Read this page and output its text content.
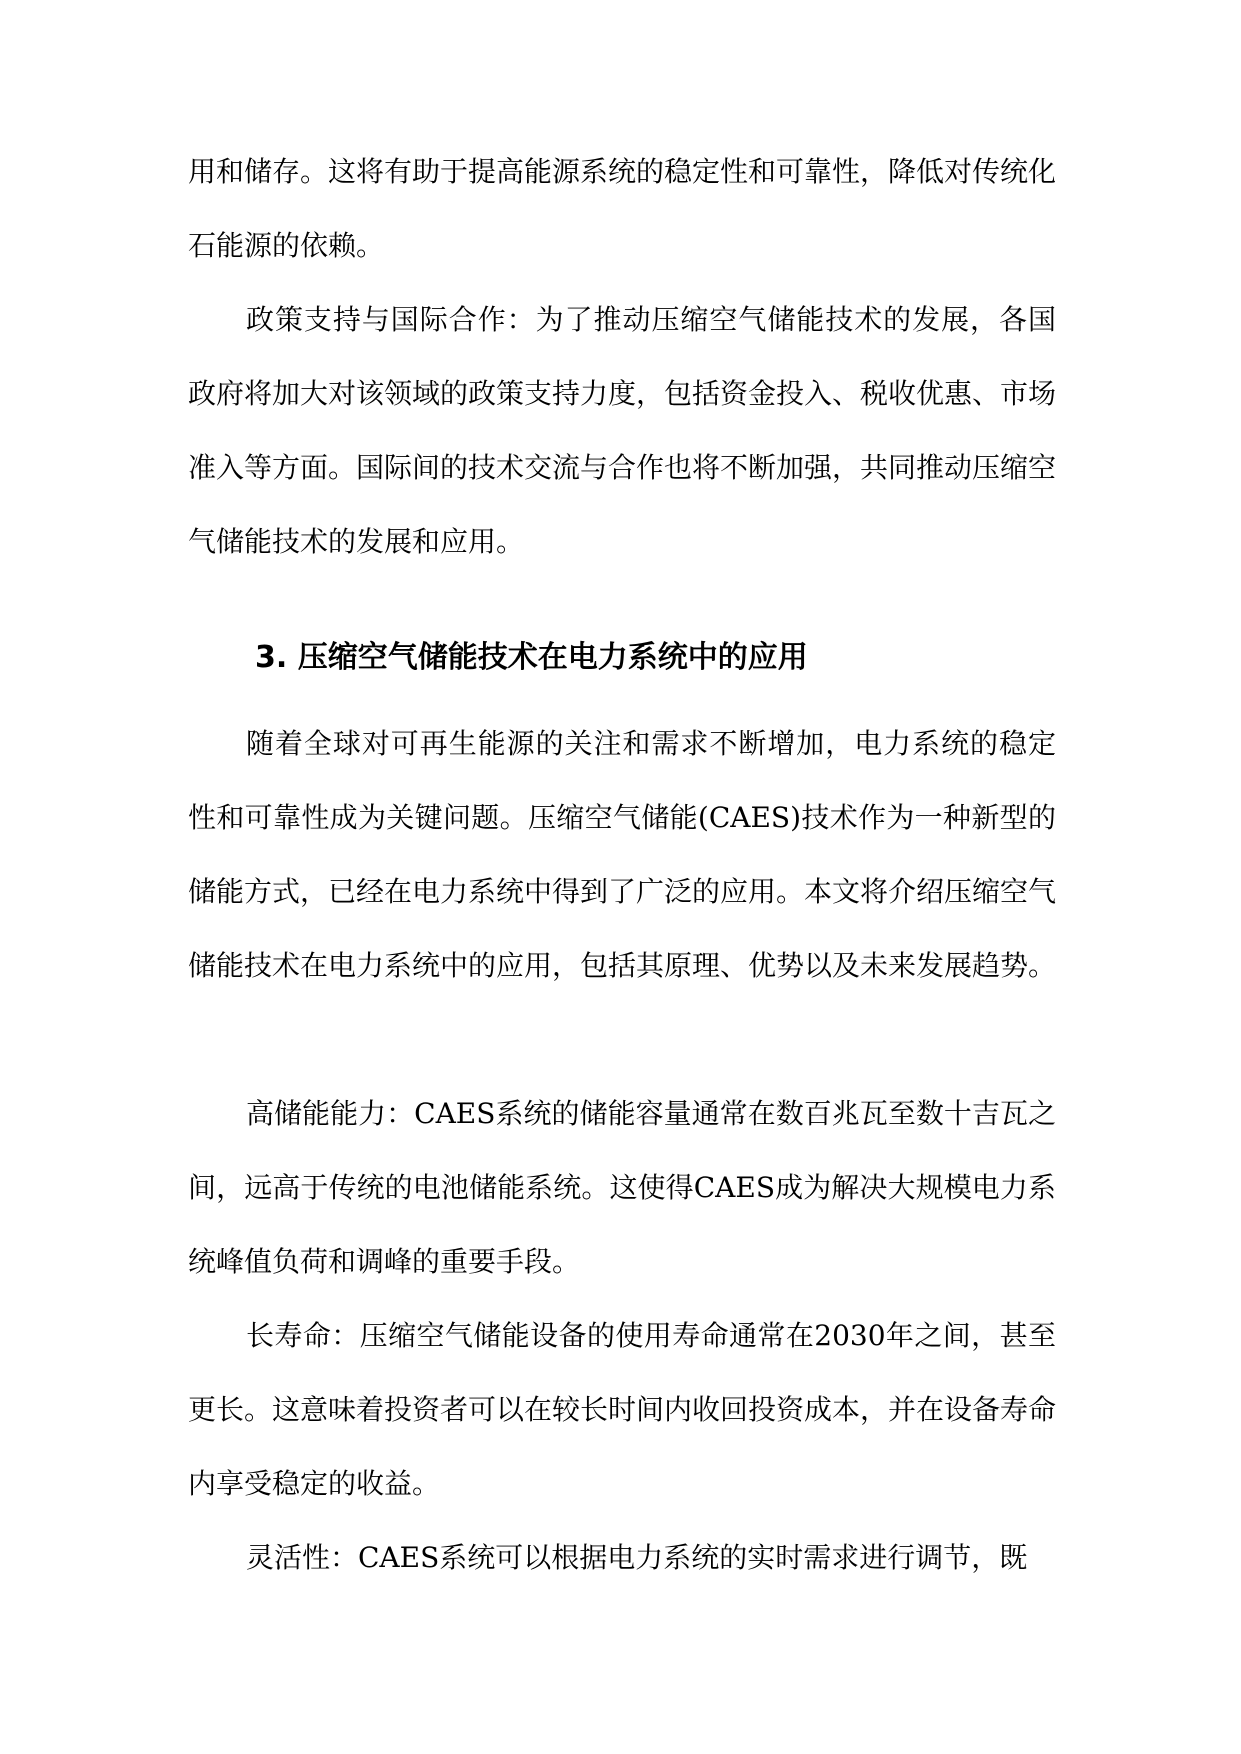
用和储存。这将有助于提高能源系统的稳定性和可靠性，降低对传统化石能源的依赖。

政策支持与国际合作：为了推动压缩空气储能技术的发展，各国政府将加大对该领域的政策支持力度，包括资金投入、税收优惠、市场准入等方面。国际间的技术交流与合作也将不断加强，共同推动压缩空气储能技术的发展和应用。

3. 压缩空气储能技术在电力系统中的应用

随着全球对可再生能源的关注和需求不断增加，电力系统的稳定性和可靠性成为关键问题。压缩空气储能(CAES)技术作为一种新型的储能方式，已经在电力系统中得到了广泛的应用。本文将介绍压缩空气储能技术在电力系统中的应用，包括其原理、优势以及未来发展趋势。

高储能能力：CAES系统的储能容量通常在数百兆瓦至数十吉瓦之间，远高于传统的电池储能系统。这使得CAES成为解决大规模电力系统峰值负荷和调峰的重要手段。

长寿命：压缩空气储能设备的使用寿命通常在2030年之间，甚至更长。这意味着投资者可以在较长时间内收回投资成本，并在设备寿命内享受稳定的收益。

灵活性：CAES系统可以根据电力系统的实时需求进行调节，既
